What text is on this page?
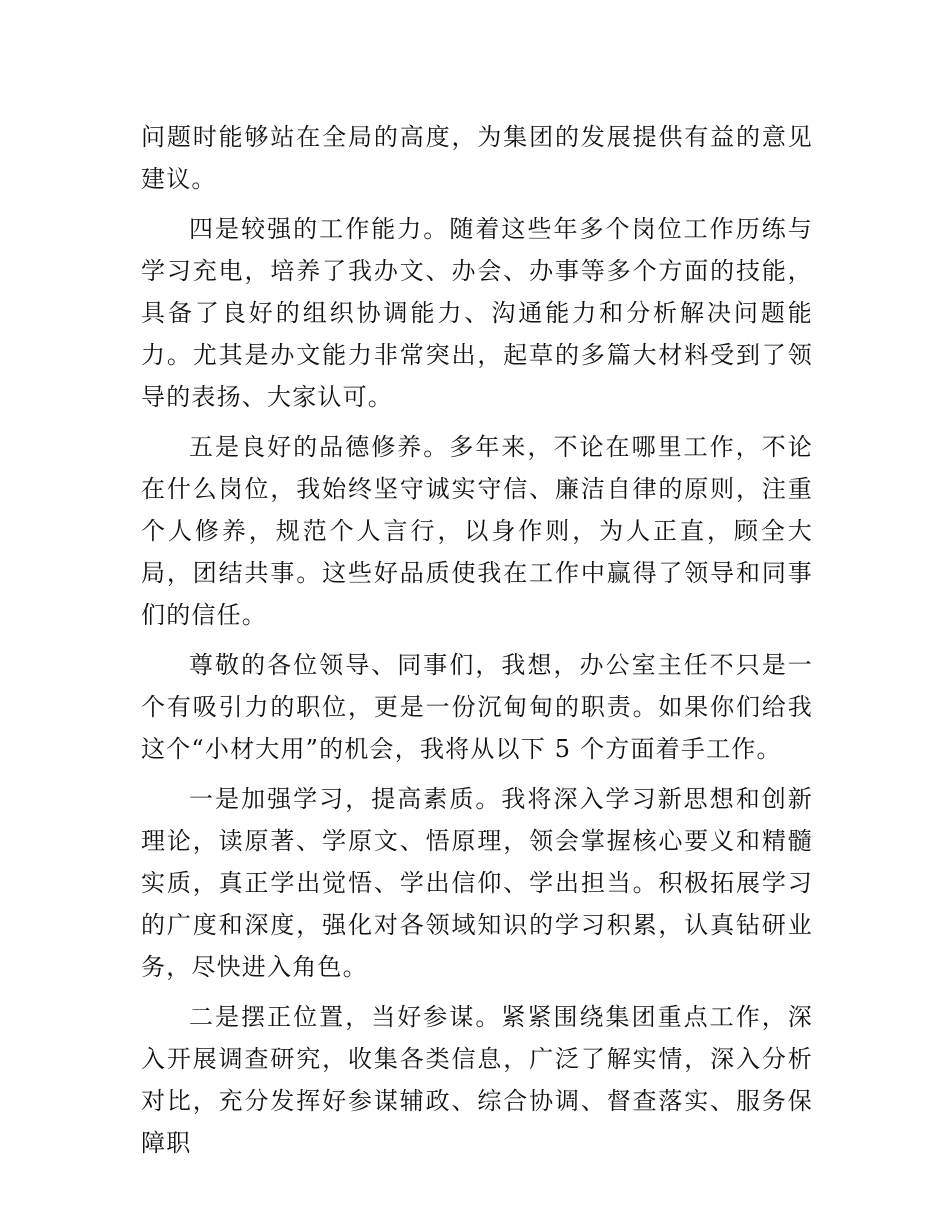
问题时能够站在全局的高度，为集团的发展提供有益的意见建议。

四是较强的工作能力。随着这些年多个岗位工作历练与学习充电，培养了我办文、办会、办事等多个方面的技能，具备了良好的组织协调能力、沟通能力和分析解决问题能力。尤其是办文能力非常突出，起草的多篇大材料受到了领导的表扬、大家认可。

五是良好的品德修养。多年来，不论在哪里工作，不论在什么岗位，我始终坚守诚实守信、廉洁自律的原则，注重个人修养，规范个人言行，以身作则，为人正直，顾全大局，团结共事。这些好品质使我在工作中赢得了领导和同事们的信任。

尊敬的各位领导、同事们，我想，办公室主任不只是一个有吸引力的职位，更是一份沉甸甸的职责。如果你们给我这个“小材大用”的机会，我将从以下 5 个方面着手工作。

一是加强学习，提高素质。我将深入学习新思想和创新理论，读原著、学原文、悟原理，领会掌握核心要义和精髓实质，真正学出觉悟、学出信仰、学出担当。积极拓展学习的广度和深度，强化对各领域知识的学习积累，认真钻研业务，尽快进入角色。

二是摆正位置，当好参谋。紧紧围绕集团重点工作，深入开展调查研究，收集各类信息，广泛了解实情，深入分析对比，充分发挥好参谋辅政、综合协调、督查落实、服务保障职
